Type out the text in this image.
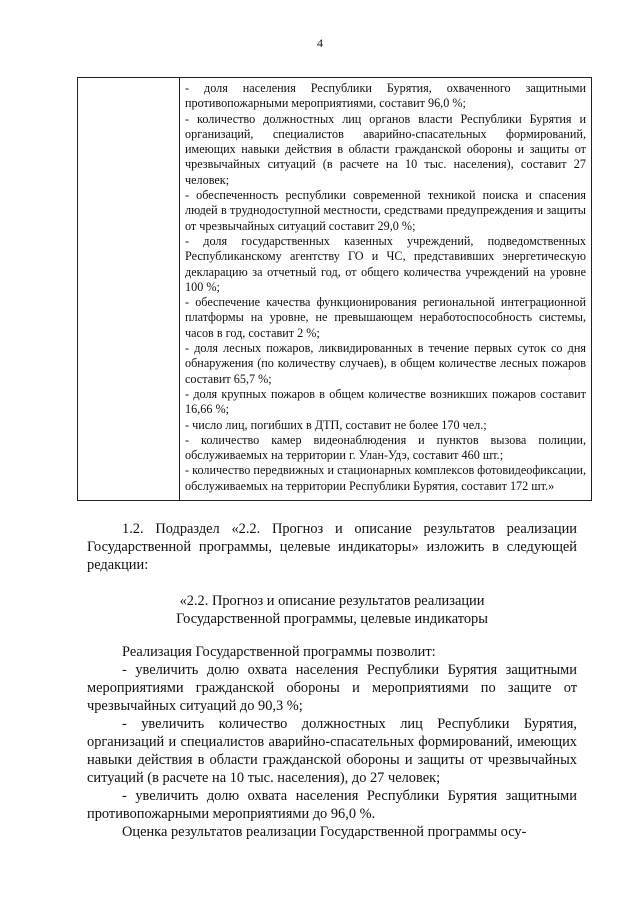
4

- доля населения Республики Бурятия, охваченного защитными противопожарными мероприятиями, составит 96,0 %;

- количество должностных лиц органов власти Республики Бурятия и организаций, специалистов аварийно-спасательных формирований, имеющих навыки действия в области гражданской обороны и защиты от чрезвычайных ситуаций (в расчете на 10 тыс. населения), составит 27 человек;

- обеспеченность республики современной техникой поиска и спасения людей в труднодоступной местности, средствами предупреждения и защиты от чрезвычайных ситуаций составит 29,0 %;

- доля государственных казенных учреждений, подведомственных Республиканскому агентству ГО и ЧС, представивших энергетическую декларацию за отчетный год, от общего количества учреждений на уровне 100 %;

- обеспечение качества функционирования региональной интеграционной платформы на уровне, не превышающем неработоспособность системы, часов в год, составит 2 %;

- доля лесных пожаров, ликвидированных в течение первых суток со дня обнаружения (по количеству случаев), в общем количестве лесных пожаров составит 65,7 %;

- доля крупных пожаров в общем количестве возникших пожаров составит 16,66 %;

- число лиц, погибших в ДТП, составит не более 170 чел.;

- количество камер видеонаблюдения и пунктов вызова полиции, обслуживаемых на территории г. Улан-Удэ, составит 460 шт.;

- количество передвижных и стационарных комплексов фотовидеофиксации, обслуживаемых на территории Республики Бурятия, составит 172 шт.»

1.2. Подраздел «2.2. Прогноз и описание результатов реализации Государственной программы, целевые индикаторы» изложить в следующей редакции:

«2.2. Прогноз и описание результатов реализации
Государственной программы, целевые индикаторы

Реализация Государственной программы позволит:

- увеличить долю охвата населения Республики Бурятия защитными мероприятиями гражданской обороны и мероприятиями по защите от чрезвычайных ситуаций до 90,3 %;

- увеличить количество должностных лиц Республики Бурятия, организаций и специалистов аварийно-спасательных формирований, имеющих навыки действия в области гражданской обороны и защиты от чрезвычайных ситуаций (в расчете на 10 тыс. населения), до 27 человек;

- увеличить долю охвата населения Республики Бурятия защитными противопожарными мероприятиями до 96,0 %.

Оценка результатов реализации Государственной программы осу-
